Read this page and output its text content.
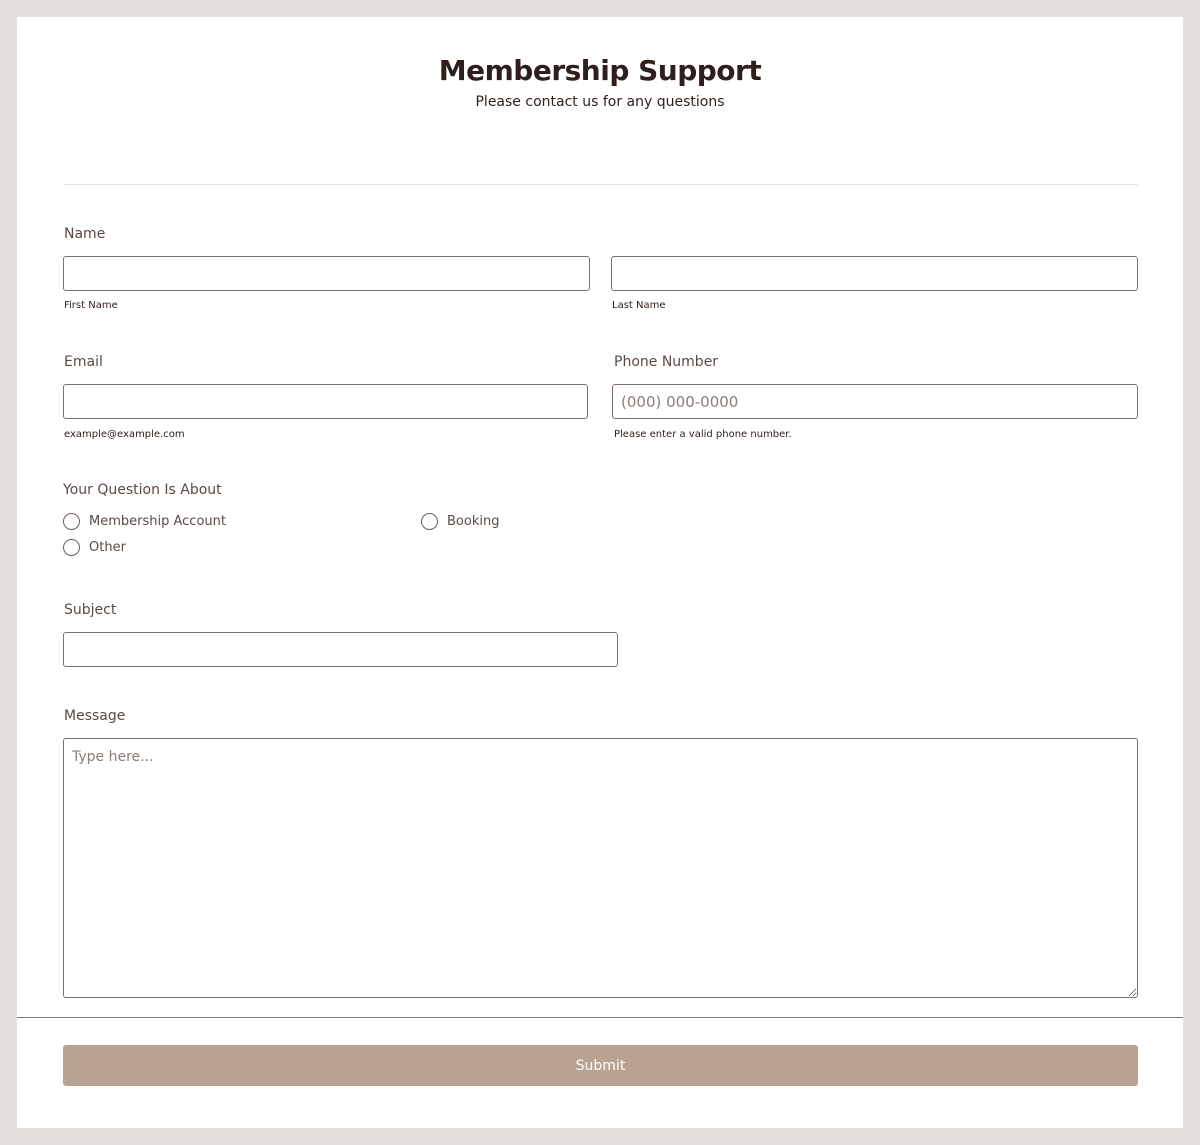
Membership Support
Please contact us for any questions
Name
First Name	Last Name
Email
example@example.com
Phone Number
(000) 000-0000
Please enter a valid phone number.
Your Question Is About
Membership Account	Booking
Other
Subject
Message
Type here...
Submit
